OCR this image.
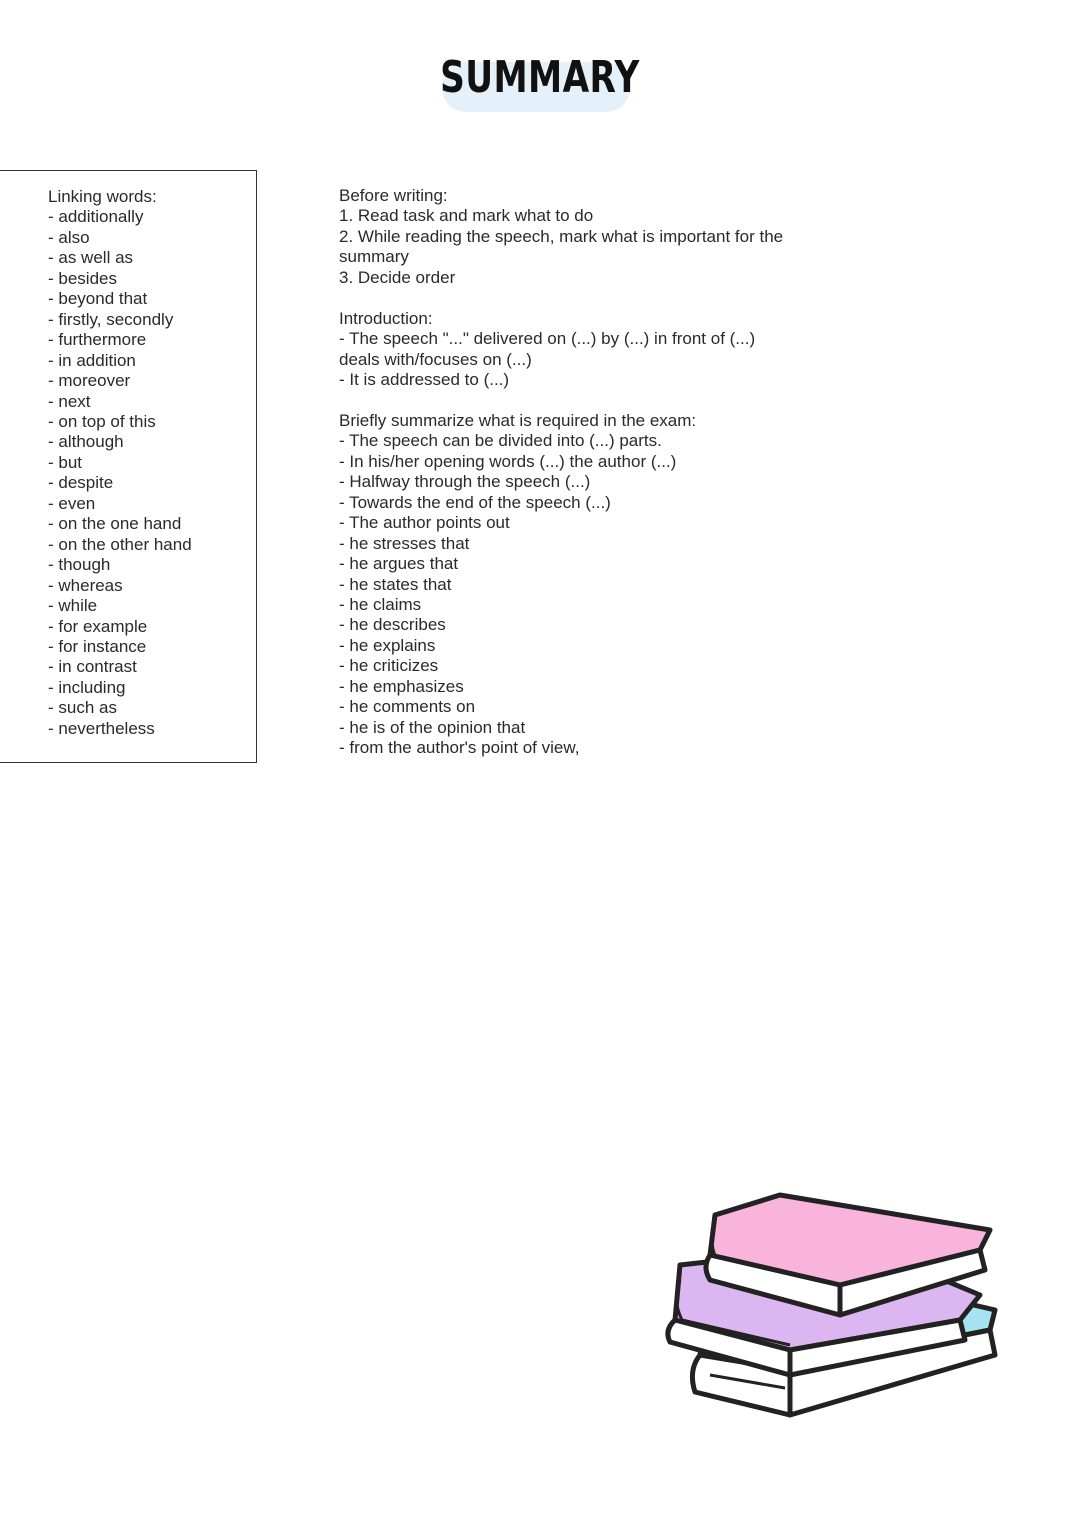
SUMMARY
Linking words:
- additionally
- also
- as well as
- besides
- beyond that
- firstly, secondly
- furthermore
- in addition
- moreover
- next
- on top of this
- although
- but
- despite
- even
- on the one hand
- on the other hand
- though
- whereas
- while
- for example
- for instance
- in contrast
- including
- such as
- nevertheless
Before writing:
1. Read task and mark what to do
2. While reading the speech, mark what is important for the
summary
3. Decide order
Introduction:
- The speech "..." delivered on (...) by (...) in front of (...)
deals with/focuses on (...)
- It is addressed to (...)
Briefly summarize what is required in the exam:
- The speech can be divided into (...) parts.
- In his/her opening words (...) the author (...)
- Halfway through the speech (...)
- Towards the end of the speech (...)
- The author points out
- he stresses that
- he argues that
- he states that
- he claims
- he describes
- he explains
- he criticizes
- he emphasizes
- he comments on
- he is of the opinion that
- from the author's point of view,
